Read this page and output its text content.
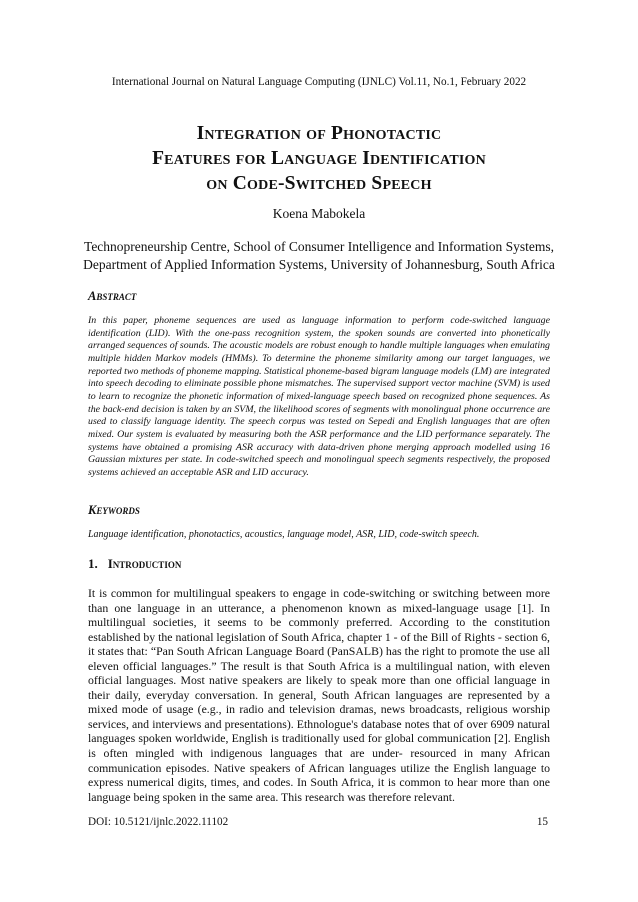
International Journal on Natural Language Computing (IJNLC) Vol.11, No.1, February 2022
Integration of Phonotactic
Features for Language Identification
on Code-Switched Speech
Koena Mabokela
Technopreneurship Centre, School of Consumer Intelligence and Information Systems,
Department of Applied Information Systems, University of Johannesburg, South Africa
Abstract
In this paper, phoneme sequences are used as language information to perform code-switched language identification (LID). With the one-pass recognition system, the spoken sounds are converted into phonetically arranged sequences of sounds. The acoustic models are robust enough to handle multiple languages when emulating multiple hidden Markov models (HMMs). To determine the phoneme similarity among our target languages, we reported two methods of phoneme mapping. Statistical phoneme-based bigram language models (LM) are integrated into speech decoding to eliminate possible phone mismatches. The supervised support vector machine (SVM) is used to learn to recognize the phonetic information of mixed-language speech based on recognized phone sequences. As the back-end decision is taken by an SVM, the likelihood scores of segments with monolingual phone occurrence are used to classify language identity. The speech corpus was tested on Sepedi and English languages that are often mixed. Our system is evaluated by measuring both the ASR performance and the LID performance separately. The systems have obtained a promising ASR accuracy with data-driven phone merging approach modelled using 16 Gaussian mixtures per state. In code-switched speech and monolingual speech segments respectively, the proposed systems achieved an acceptable ASR and LID accuracy.
Keywords
Language identification, phonotactics, acoustics, language model, ASR, LID, code-switch speech.
1. Introduction
It is common for multilingual speakers to engage in code-switching or switching between more than one language in an utterance, a phenomenon known as mixed-language usage [1]. In multilingual societies, it seems to be commonly preferred. According to the constitution established by the national legislation of South Africa, chapter 1 - of the Bill of Rights - section 6, it states that: “Pan South African Language Board (PanSALB) has the right to promote the use all eleven official languages.” The result is that South Africa is a multilingual nation, with eleven official languages. Most native speakers are likely to speak more than one official language in their daily, everyday conversation. In general, South African languages are represented by a mixed mode of usage (e.g., in radio and television dramas, news broadcasts, religious worship services, and interviews and presentations). Ethnologue's database notes that of over 6909 natural languages spoken worldwide, English is traditionally used for global communication [2]. English is often mingled with indigenous languages that are under- resourced in many African communication episodes. Native speakers of African languages utilize the English language to express numerical digits, times, and codes. In South Africa, it is common to hear more than one language being spoken in the same area. This research was therefore relevant.
DOI: 10.5121/ijnlc.2022.11102	15
